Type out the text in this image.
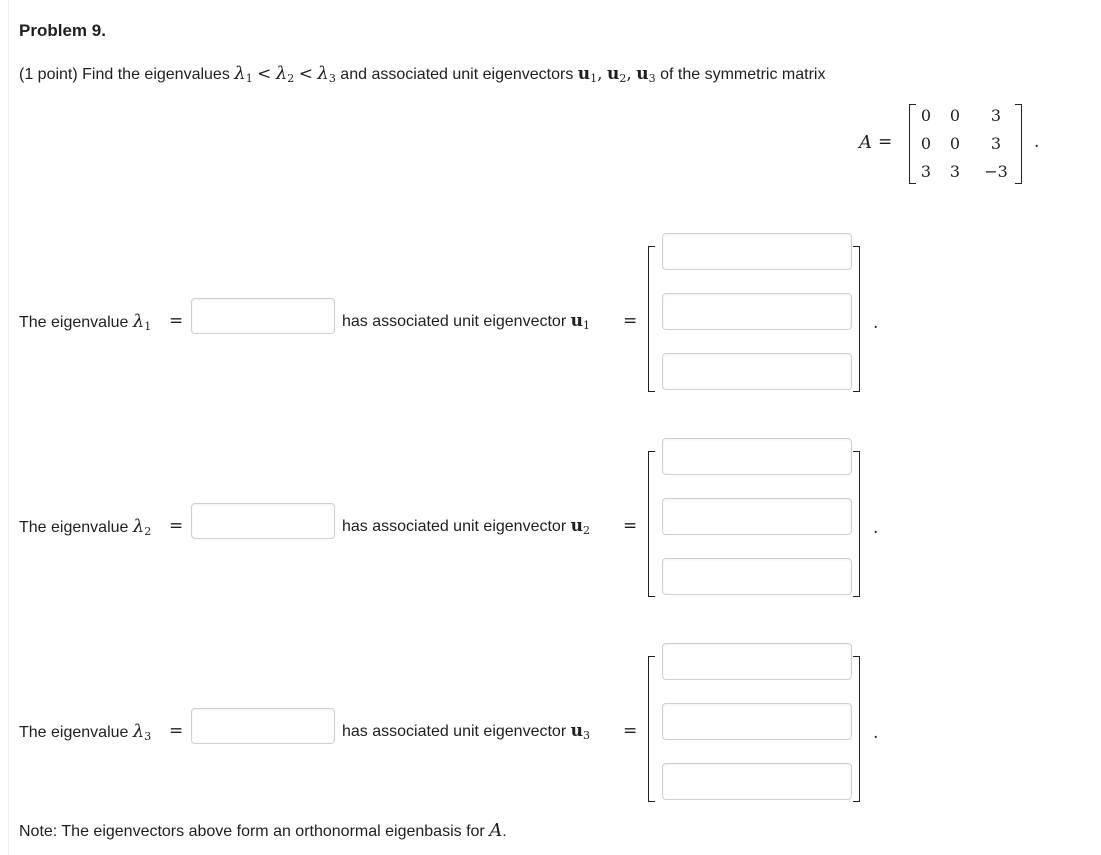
Problem 9.
(1 point) Find the eigenvalues $\lambda_1 < \lambda_2 < \lambda_3$ and associated unit eigenvectors $u_1$, $u_2$, $u_3$ of the symmetric matrix
A =
0	0	3
0	0	3
3	3	−3
.
The eigenvalue $\lambda_1$ =	has associated unit eigenvector $u_1$ =	.
The eigenvalue $\lambda_2$ =	has associated unit eigenvector $u_2$ =	.
The eigenvalue $\lambda_3$ =	has associated unit eigenvector $u_3$ =	.
Note: The eigenvectors above form an orthonormal eigenbasis for A.
